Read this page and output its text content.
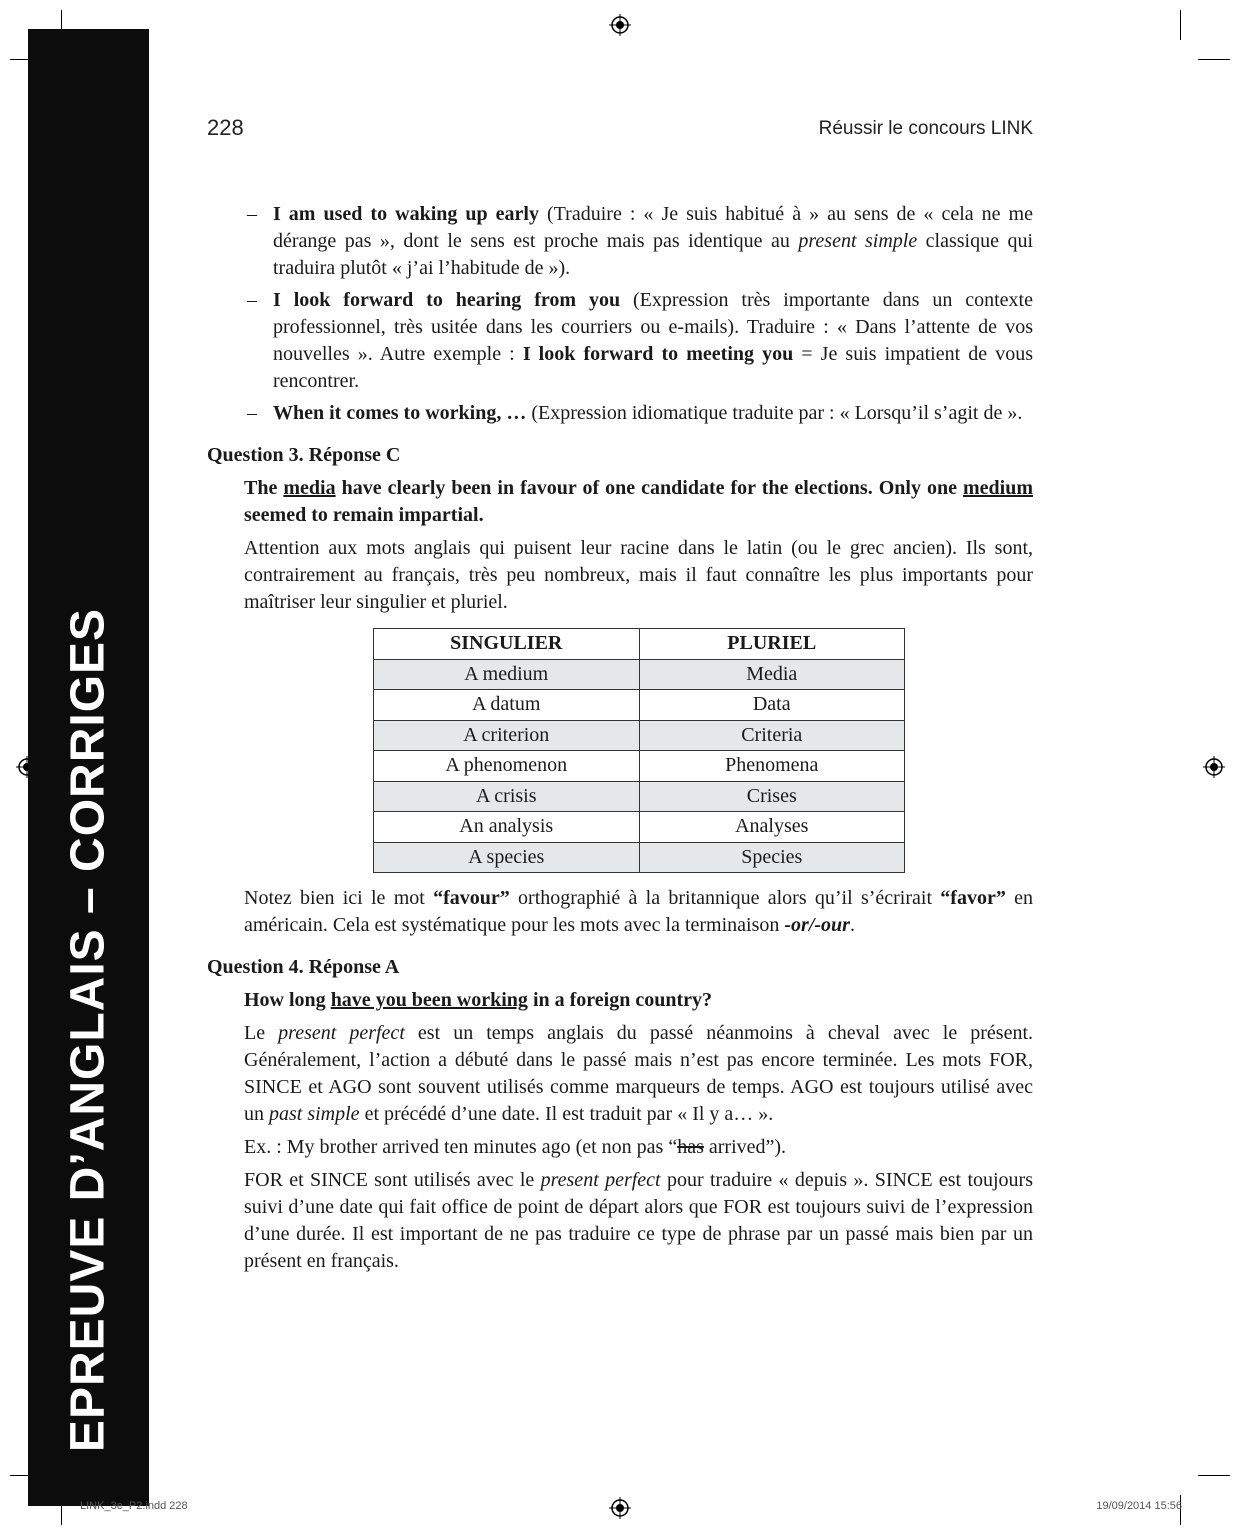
EPREUVE D’ANGLAIS – CORRIGES
228	Réussir le concours LINK
– I am used to waking up early (Traduire : « Je suis habitué à » au sens de « cela ne me dérange pas », dont le sens est proche mais pas identique au present simple classique qui traduira plutôt « j’ai l’habitude de »).
– I look forward to hearing from you (Expression très importante dans un contexte professionnel, très usitée dans les courriers ou e-mails). Traduire : « Dans l’attente de vos nouvelles ». Autre exemple : I look forward to meeting you = Je suis impatient de vous rencontrer.
– When it comes to working, … (Expression idiomatique traduite par : « Lorsqu’il s’agit de ».
Question 3. Réponse C
The media have clearly been in favour of one candidate for the elections. Only one medium seemed to remain impartial.
Attention aux mots anglais qui puisent leur racine dans le latin (ou le grec ancien). Ils sont, contrairement au français, très peu nombreux, mais il faut connaître les plus importants pour maîtriser leur singulier et pluriel.
SINGULIER	PLURIEL
A medium	Media
A datum	Data
A criterion	Criteria
A phenomenon	Phenomena
A crisis	Crises
An analysis	Analyses
A species	Species
Notez bien ici le mot “favour” orthographié à la britannique alors qu’il s’écrirait “favor” en américain. Cela est systématique pour les mots avec la terminaison -or/-our.
Question 4. Réponse A
How long have you been working in a foreign country?
Le present perfect est un temps anglais du passé néanmoins à cheval avec le présent. Généralement, l’action a débuté dans le passé mais n’est pas encore terminée. Les mots FOR, SINCE et AGO sont souvent utilisés comme marqueurs de temps. AGO est toujours utilisé avec un past simple et précédé d’une date. Il est traduit par « Il y a… ».
Ex. : My brother arrived ten minutes ago (et non pas “has arrived”).
FOR et SINCE sont utilisés avec le present perfect pour traduire « depuis ». SINCE est toujours suivi d’une date qui fait office de point de départ alors que FOR est toujours suivi de l’expression d’une durée. Il est important de ne pas traduire ce type de phrase par un passé mais bien par un présent en français.
LINK_3e_P2.indd 228	19/09/2014 15:56
